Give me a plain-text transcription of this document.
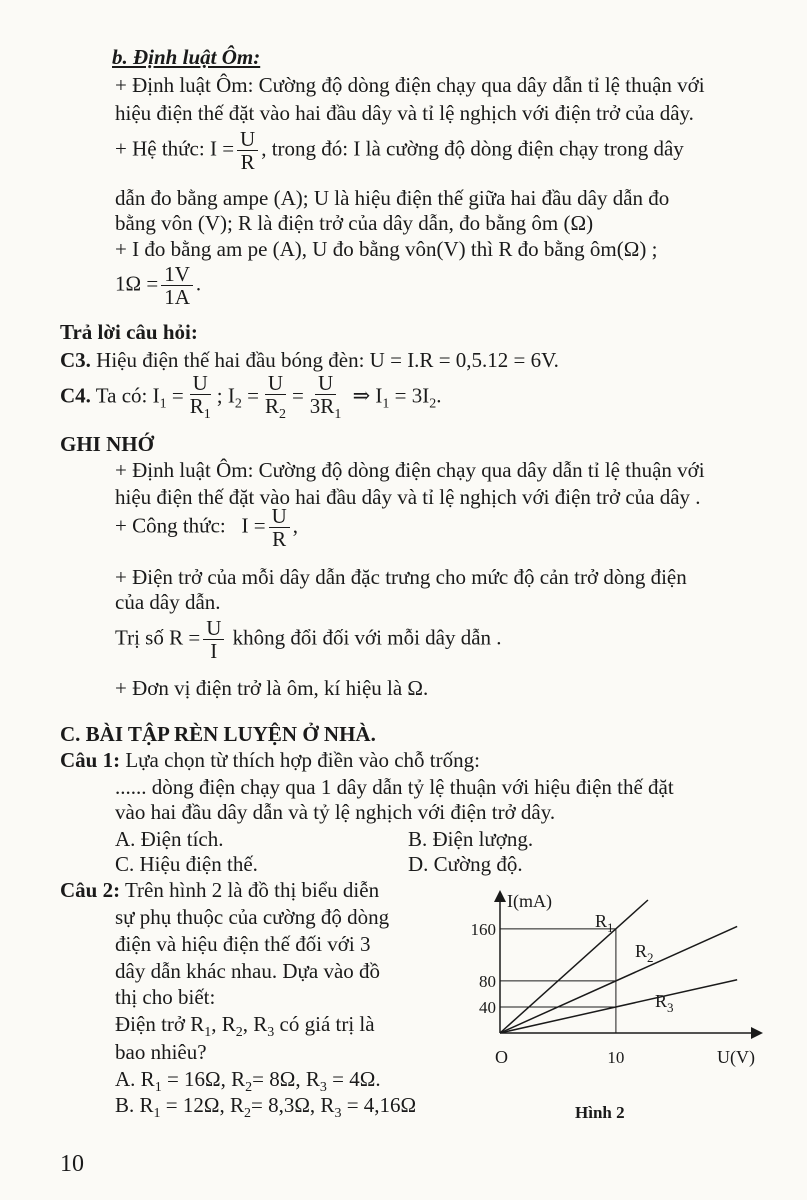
b. Định luật Ôm:
+ Định luật Ôm: Cường độ dòng điện chạy qua dây dẫn tỉ lệ thuận với
hiệu điện thế đặt vào hai đầu dây và tỉ lệ nghịch với điện trở của dây.
+ Hệ thức: $I = \frac{U}{R}$ , trong đó: I là cường độ dòng điện chạy trong dây
dẫn đo bằng ampe (A); U là hiệu điện thế giữa hai đầu dây dẫn đo
bằng vôn (V); R là điện trở của dây dẫn, đo bằng ôm (Ω)
+ I đo bằng am pe (A), U đo bằng vôn(V) thì R đo bằng ôm(Ω) ;
$1\Omega = \frac{1V}{1A}$ .
Trả lời câu hỏi:
C3. Hiệu điện thế hai đầu bóng đèn: U = I.R = 0,5.12 = 6V.
C4. Ta có: $I_1 = \frac{U}{R_1}$ ; $I_2 = \frac{U}{R_2} = \frac{U}{3R_1}$ ⇒ $I_1 = 3I_2$.
GHI NHỚ
+ Định luật Ôm: Cường độ dòng điện chạy qua dây dẫn tỉ lệ thuận với
hiệu điện thế đặt vào hai đầu dây và tỉ lệ nghịch với điện trở của dây .
+ Công thức: $I = \frac{U}{R}$ ,
+ Điện trở của mỗi dây dẫn đặc trưng cho mức độ cản trở dòng điện
của dây dẫn.
Trị số $R = \frac{U}{I}$ không đổi đối với mỗi dây dẫn .
+ Đơn vị điện trở là ôm, kí hiệu là Ω.
C. BÀI TẬP RÈN LUYỆN Ở NHÀ.
Câu 1: Lựa chọn từ thích hợp điền vào chỗ trống:
...... dòng điện chạy qua 1 dây dẫn tỷ lệ thuận với hiệu điện thế đặt
vào hai đầu dây dẫn và tỷ lệ nghịch với điện trở dây.
A. Điện tích.	B. Điện lượng.
C. Hiệu điện thế.	D. Cường độ.
Câu 2: Trên hình 2 là đồ thị biểu diễn
sự phụ thuộc của cường độ dòng
điện và hiệu điện thế đối với 3
dây dẫn khác nhau. Dựa vào đồ
thị cho biết:
Điện trở $R_1$, $R_2$, $R_3$ có giá trị là
bao nhiêu?
A. $R_1 = 16\Omega$, $R_2= 8\Omega$, $R_3 = 4\Omega$.
B. $R_1 = 12\Omega$, $R_2= 8,3\Omega$, $R_3 = 4,16\Omega$
40
80
160
10
I(mA)
U(V)
O
$R_1$
$R_2$
$R_3$
Hình 2
10
